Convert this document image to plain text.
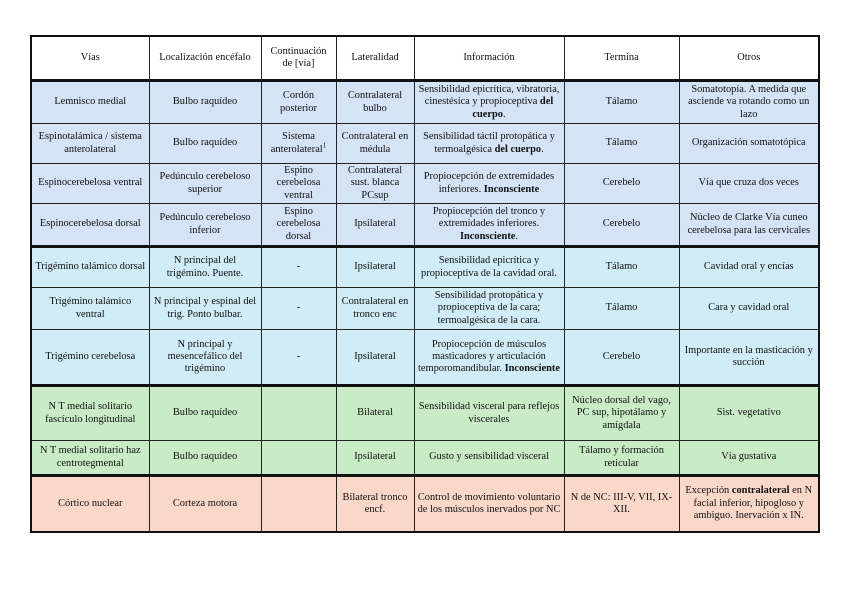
Vías	Localización encéfalo	Continuación de [vía]	Lateralidad	Información	Termina	Otros
Lemnisco medial	Bulbo raquídeo	Cordón posterior	Contralateral bulbo	Sensibilidad epicrítica, vibratoria, cinestésica y propioceptiva del cuerpo.	Tálamo	Somatotopía. A medida que asciende va rotando como un lazo
Espinotalámica / sistema anterolateral	Bulbo raquídeo	Sistema anterolateral$^1$	Contralateral en médula	Sensibilidad táctil protopática y termoalgésica del cuerpo.	Tálamo	Organización somatotópica
Espinocerebelosa ventral	Pedúnculo cerebeloso superior	Espino cerebelosa ventral	Contralateral sust. blanca PCsup	Propiocepción de extremidades inferiores. Inconsciente	Cerebelo	Vía que cruza dos veces
Espinocerebelosa dorsal	Pedúnculo cerebeloso inferior	Espino cerebelosa dorsal	Ipsilateral	Propiocepción del tronco y extremidades inferiores. Inconsciente.	Cerebelo	Núcleo de Clarke Vía cuneo cerebelosa para las cervicales
Trigémino talámico dorsal	N principal del trigémino. Puente.	-	Ipsilateral	Sensibilidad epicrítica y propioceptiva de la cavidad oral.	Tálamo	Cavidad oral y encías
Trigémino talámico ventral	N principal y espinal del trig. Ponto bulbar.	-	Contralateral en tronco enc	Sensibilidad protopática y propioceptiva de la cara; termoalgésica de la cara.	Tálamo	Cara y cavidad oral
Trigémino cerebelosa	N principal y mesencefálico del trigémino	-	Ipsilateral	Propiocepción de músculos masticadores y articulación temporomandibular. Inconsciente	Cerebelo	Importante en la masticación y succión
N T medial solitario fascículo longitudinal	Bulbo raquídeo		Bilateral	Sensibilidad visceral para reflejos viscerales	Núcleo dorsal del vago, PC sup, hipotálamo y amígdala	Sist. vegetativo
N T medial solitario haz centrotegmental	Bulbo raquídeo		Ipsilateral	Gusto y sensibilidad visceral	Tálamo y formación reticular	Vía gustativa
Córtico nuclear	Corteza motora		Bilateral tronco encf.	Control de movimiento voluntario de los músculos inervados por NC	N de NC: III-V, VII, IX-XII.	Excepción contralateral en N facial inferior, hipogloso y ambiguo. Inervación x IN.
